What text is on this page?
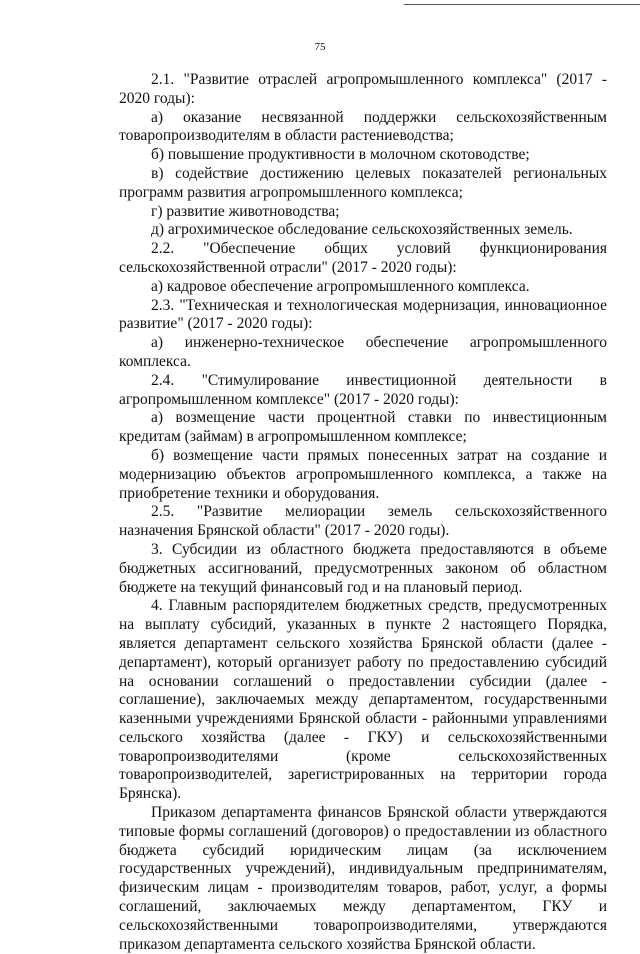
75

2.1. "Развитие отраслей агропромышленного комплекса" (2017 - 2020 годы):

а) оказание несвязанной поддержки сельскохозяйственным товаропроизводителям в области растениеводства;

б) повышение продуктивности в молочном скотоводстве;

в) содействие достижению целевых показателей региональных программ развития агропромышленного комплекса;

г) развитие животноводства;

д) агрохимическое обследование сельскохозяйственных земель.

2.2. "Обеспечение общих условий функционирования сельскохозяйственной отрасли" (2017 - 2020 годы):

а) кадровое обеспечение агропромышленного комплекса.

2.3. "Техническая и технологическая модернизация, инновационное развитие" (2017 - 2020 годы):

а) инженерно-техническое обеспечение агропромышленного комплекса.

2.4. "Стимулирование инвестиционной деятельности в агропромышленном комплексе" (2017 - 2020 годы):

а) возмещение части процентной ставки по инвестиционным кредитам (займам) в агропромышленном комплексе;

б) возмещение части прямых понесенных затрат на создание и модернизацию объектов агропромышленного комплекса, а также на приобретение техники и оборудования.

2.5. "Развитие мелиорации земель сельскохозяйственного назначения Брянской области" (2017 - 2020 годы).

3. Субсидии из областного бюджета предоставляются в объеме бюджетных ассигнований, предусмотренных законом об областном бюджете на текущий финансовый год и на плановый период.

4. Главным распорядителем бюджетных средств, предусмотренных на выплату субсидий, указанных в пункте 2 настоящего Порядка, является департамент сельского хозяйства Брянской области (далее - департамент), который организует работу по предоставлению субсидий на основании соглашений о предоставлении субсидии (далее - соглашение), заключаемых между департаментом, государственными казенными учреждениями Брянской области - районными управлениями сельского хозяйства (далее - ГКУ) и сельскохозяйственными товаропроизводителями (кроме сельскохозяйственных товаропроизводителей, зарегистрированных на территории города Брянска).

Приказом департамента финансов Брянской области утверждаются типовые формы соглашений (договоров) о предоставлении из областного бюджета субсидий юридическим лицам (за исключением государственных учреждений), индивидуальным предпринимателям, физическим лицам - производителям товаров, работ, услуг, а формы соглашений, заключаемых между департаментом, ГКУ и сельскохозяйственными товаропроизводителями, утверждаются приказом департамента сельского хозяйства Брянской области.
